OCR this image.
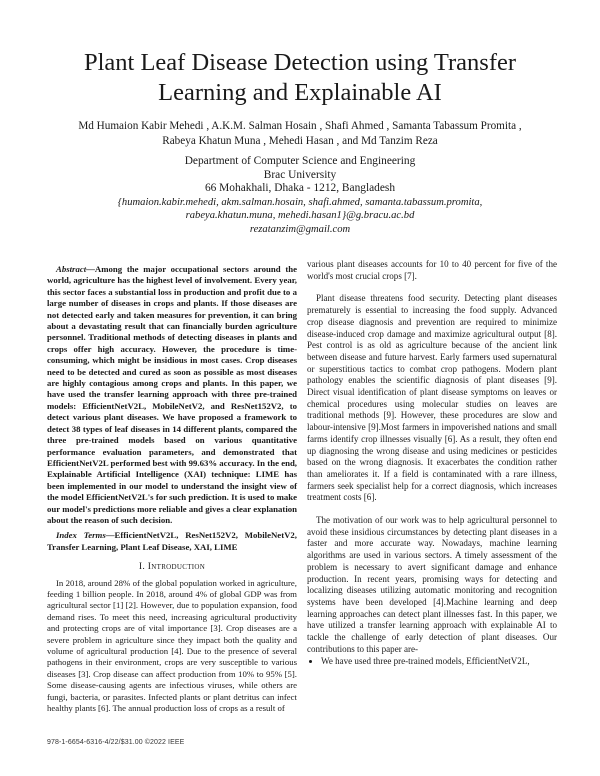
Plant Leaf Disease Detection using Transfer
Learning and Explainable AI
Md Humaion Kabir Mehedi , A.K.M. Salman Hosain , Shafi Ahmed , Samanta Tabassum Promita ,
Rabeya Khatun Muna , Mehedi Hasan , and Md Tanzim Reza
Department of Computer Science and Engineering
Brac University
66 Mohakhali, Dhaka - 1212, Bangladesh
{humaion.kabir.mehedi, akm.salman.hosain, shafi.ahmed, samanta.tabassum.promita,
rabeya.khatun.muna, mehedi.hasan1}@g.bracu.ac.bd
rezatanzim@gmail.com

Abstract—Among the major occupational sectors around the world, agriculture has the highest level of involvement. Every year, this sector faces a substantial loss in production and profit due to a large number of diseases in crops and plants. If those diseases are not detected early and taken measures for prevention, it can bring about a devastating result that can financially burden agriculture personnel. Traditional methods of detecting diseases in plants and crops offer high accuracy. However, the procedure is time-consuming, which might be insidious in most cases. Crop diseases need to be detected and cured as soon as possible as most diseases are highly contagious among crops and plants. In this paper, we have used the transfer learning approach with three pre-trained models: EfficientNetV2L, MobileNetV2, and ResNet152V2, to detect various plant diseases. We have proposed a framework to detect 38 types of leaf diseases in 14 different plants, compared the three pre-trained models based on various quantitative performance evaluation parameters, and demonstrated that EfficientNetV2L performed best with 99.63% accuracy. In the end, Explainable Artificial Intelligence (XAI) technique: LIME has been implemented in our model to understand the insight view of the model EfficientNetV2L's for such prediction. It is used to make our model's predictions more reliable and gives a clear explanation about the reason of such decision.

Index Terms—EfficientNetV2L, ResNet152V2, MobileNetV2, Transfer Learning, Plant Leaf Disease, XAI, LIME

I. Introduction

In 2018, around 28% of the global population worked in agriculture, feeding 1 billion people. In 2018, around 4% of global GDP was from agricultural sector [1] [2]. However, due to population expansion, food demand rises. To meet this need, increasing agricultural productivity and protecting crops are of vital importance [3]. Crop diseases are a severe problem in agriculture since they impact both the quality and volume of agricultural production [4]. Due to the presence of several pathogens in their environment, crops are very susceptible to various diseases [3]. Crop disease can affect production from 10% to 95% [5]. Some disease-causing agents are infectious viruses, while others are fungi, bacteria, or parasites. Infected plants or plant detritus can infect healthy plants [6]. The annual production loss of crops as a result of

various plant diseases accounts for 10 to 40 percent for five of the world's most crucial crops [7].

Plant disease threatens food security. Detecting plant diseases prematurely is essential to increasing the food supply. Advanced crop disease diagnosis and prevention are required to minimize disease-induced crop damage and maximize agricultural output [8]. Pest control is as old as agriculture because of the ancient link between disease and future harvest. Early farmers used supernatural or superstitious tactics to combat crop pathogens. Modern plant pathology enables the scientific diagnosis of plant diseases [9]. Direct visual identification of plant disease symptoms on leaves or chemical procedures using molecular studies on leaves are traditional methods [9]. However, these procedures are slow and labour-intensive [9].Most farmers in impoverished nations and small farms identify crop illnesses visually [6]. As a result, they often end up diagnosing the wrong disease and using medicines or pesticides based on the wrong diagnosis. It exacerbates the condition rather than ameliorates it. If a field is contaminated with a rare illness, farmers seek specialist help for a correct diagnosis, which increases treatment costs [6].

The motivation of our work was to help agricultural personnel to avoid these insidious circumstances by detecting plant diseases in a faster and more accurate way. Nowadays, machine learning algorithms are used in various sectors. A timely assessment of the problem is necessary to avert significant damage and enhance production. In recent years, promising ways for detecting and localizing diseases utilizing automatic monitoring and recognition systems have been developed [4].Machine learning and deep learning approaches can detect plant illnesses fast. In this paper, we have utilized a transfer learning approach with explainable AI to tackle the challenge of early detection of plant diseases. Our contributions to this paper are-

• We have used three pre-trained models, EfficientNetV2L,
978-1-6654-6316-4/22/$31.00 ©2022 IEEE
